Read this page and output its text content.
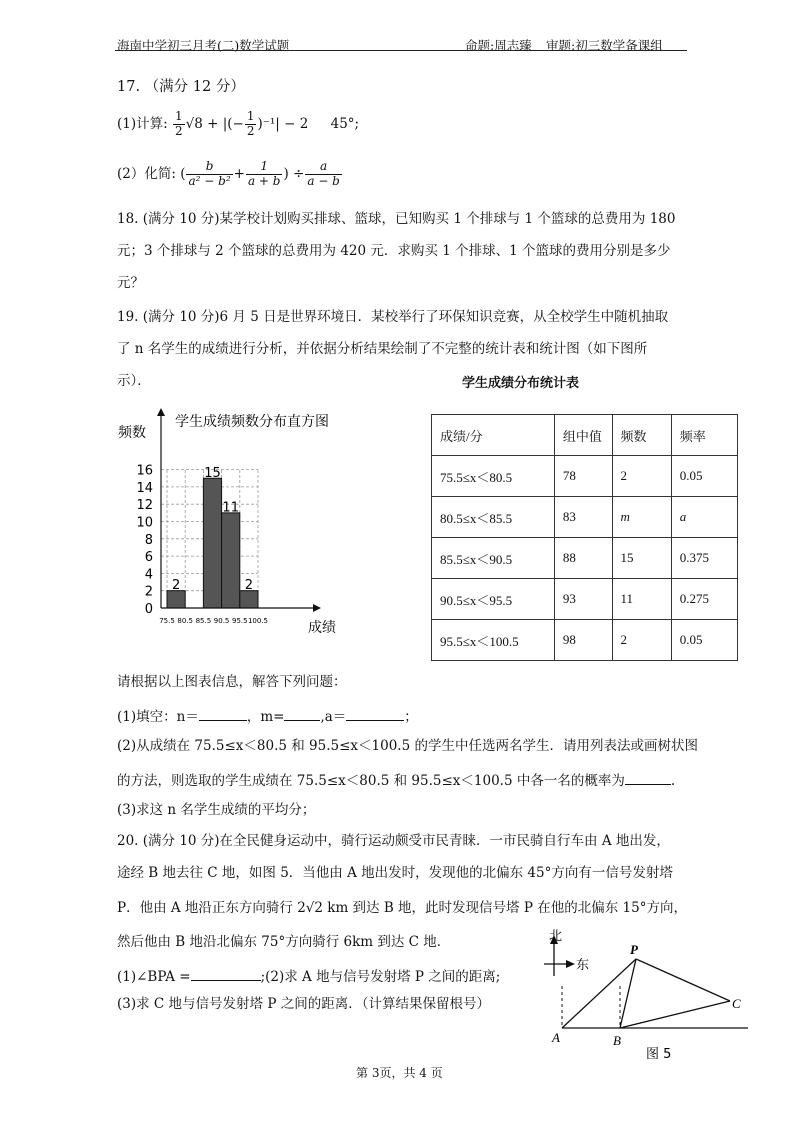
海南中学初三月考(二)数学试题	命题:周志臻 审题:初三数学备课组
17. （满分 12 分）
(1)计算: $\frac{1}{2} √8$ + |(− $\frac{1}{2} )^{-1}| - 2$ 45°;
(2）化简: ( $\frac{b}{\text{a² − b²}} + \frac{1}{a + b}$ ) ÷ $\frac{a}{a - b}$
18. (满分 10 分)某学校计划购买排球、篮球，已知购买 1 个排球与 1 个篮球的总费用为 180
元；3 个排球与 2 个篮球的总费用为 420 元．求购买 1 个排球、1 个篮球的费用分别是多少
元？
19. (满分 10 分)6 月 5 日是世界环境日．某校举行了环保知识竞赛，从全校学生中随机抽取
了 n 名学生的成绩进行分析，并依据分析结果绘制了不完整的统计表和统计图（如下图所
示）．	学生成绩分布统计表
2
15
11
2
0
2
4
6
8
10
12
14
16
75.5 80.5 85.5 90.5 95.5 100.5
学生成绩频数分布直方图
频数
成绩
成绩/分	组中值	频数	频率
75.5≤x＜80.5	78	2	0.05
80.5≤x＜85.5	83	m	a
85.5≤x＜90.5	88	15	0.375
90.5≤x＜95.5	93	11	0.275
95.5≤x＜100.5	98	2	0.05
请根据以上图表信息，解答下列问题：
(1)填空：n＝	，m=	,a＝	；
(2)从成绩在 75.5≤x＜80.5 和 95.5≤x＜100.5 的学生中任选两名学生．请用列表法或画树状图
的方法，则选取的学生成绩在 75.5≤x＜80.5 和 95.5≤x＜100.5 中各一名的概率为	.
(3)求这 n 名学生成绩的平均分；
20. (满分 10 分)在全民健身运动中，骑行运动颇受市民青睐．一市民骑自行车由 A 地出发，
途经 B 地去往 C 地，如图 5．当他由 A 地出发时，发现他的北偏东 45°方向有一信号发射塔
P．他由 A 地沿正东方向骑行 2√2 km 到达 B 地，此时发现信号塔 P 在他的北偏东 15°方向，
然后他由 B 地沿北偏东 75°方向骑行 6km 到达 C 地．
(1)∠BPA =	;(2)求 A 地与信号发射塔 P 之间的距离;
(3)求 C 地与信号发射塔 P 之间的距离．（计算结果保留根号）
北
东
P
A	B
C
图 5
第 3页，共 4 页
